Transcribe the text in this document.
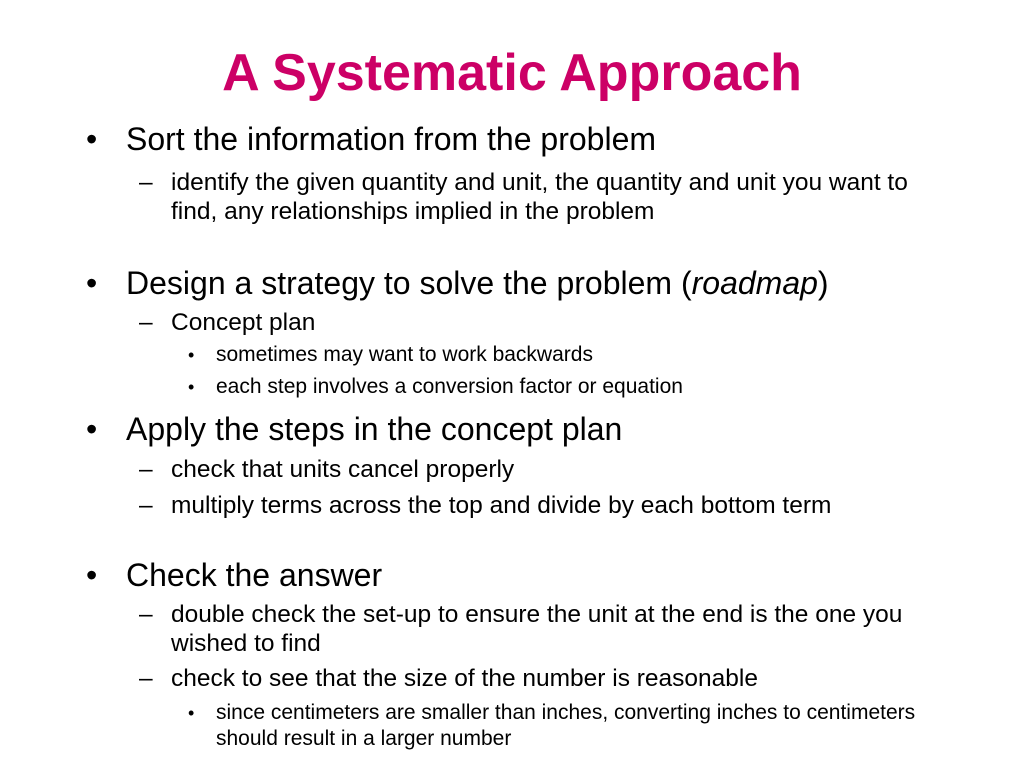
A Systematic Approach
• Sort the information from the problem
– identify the given quantity and unit, the quantity and unit you want to find, any relationships implied in the problem
• Design a strategy to solve the problem (roadmap)
– Concept plan
• sometimes may want to work backwards
• each step involves a conversion factor or equation
• Apply the steps in the concept plan
– check that units cancel properly
– multiply terms across the top and divide by each bottom term
• Check the answer
– double check the set-up to ensure the unit at the end is the one you wished to find
– check to see that the size of the number is reasonable
• since centimeters are smaller than inches, converting inches to centimeters should result in a larger number
